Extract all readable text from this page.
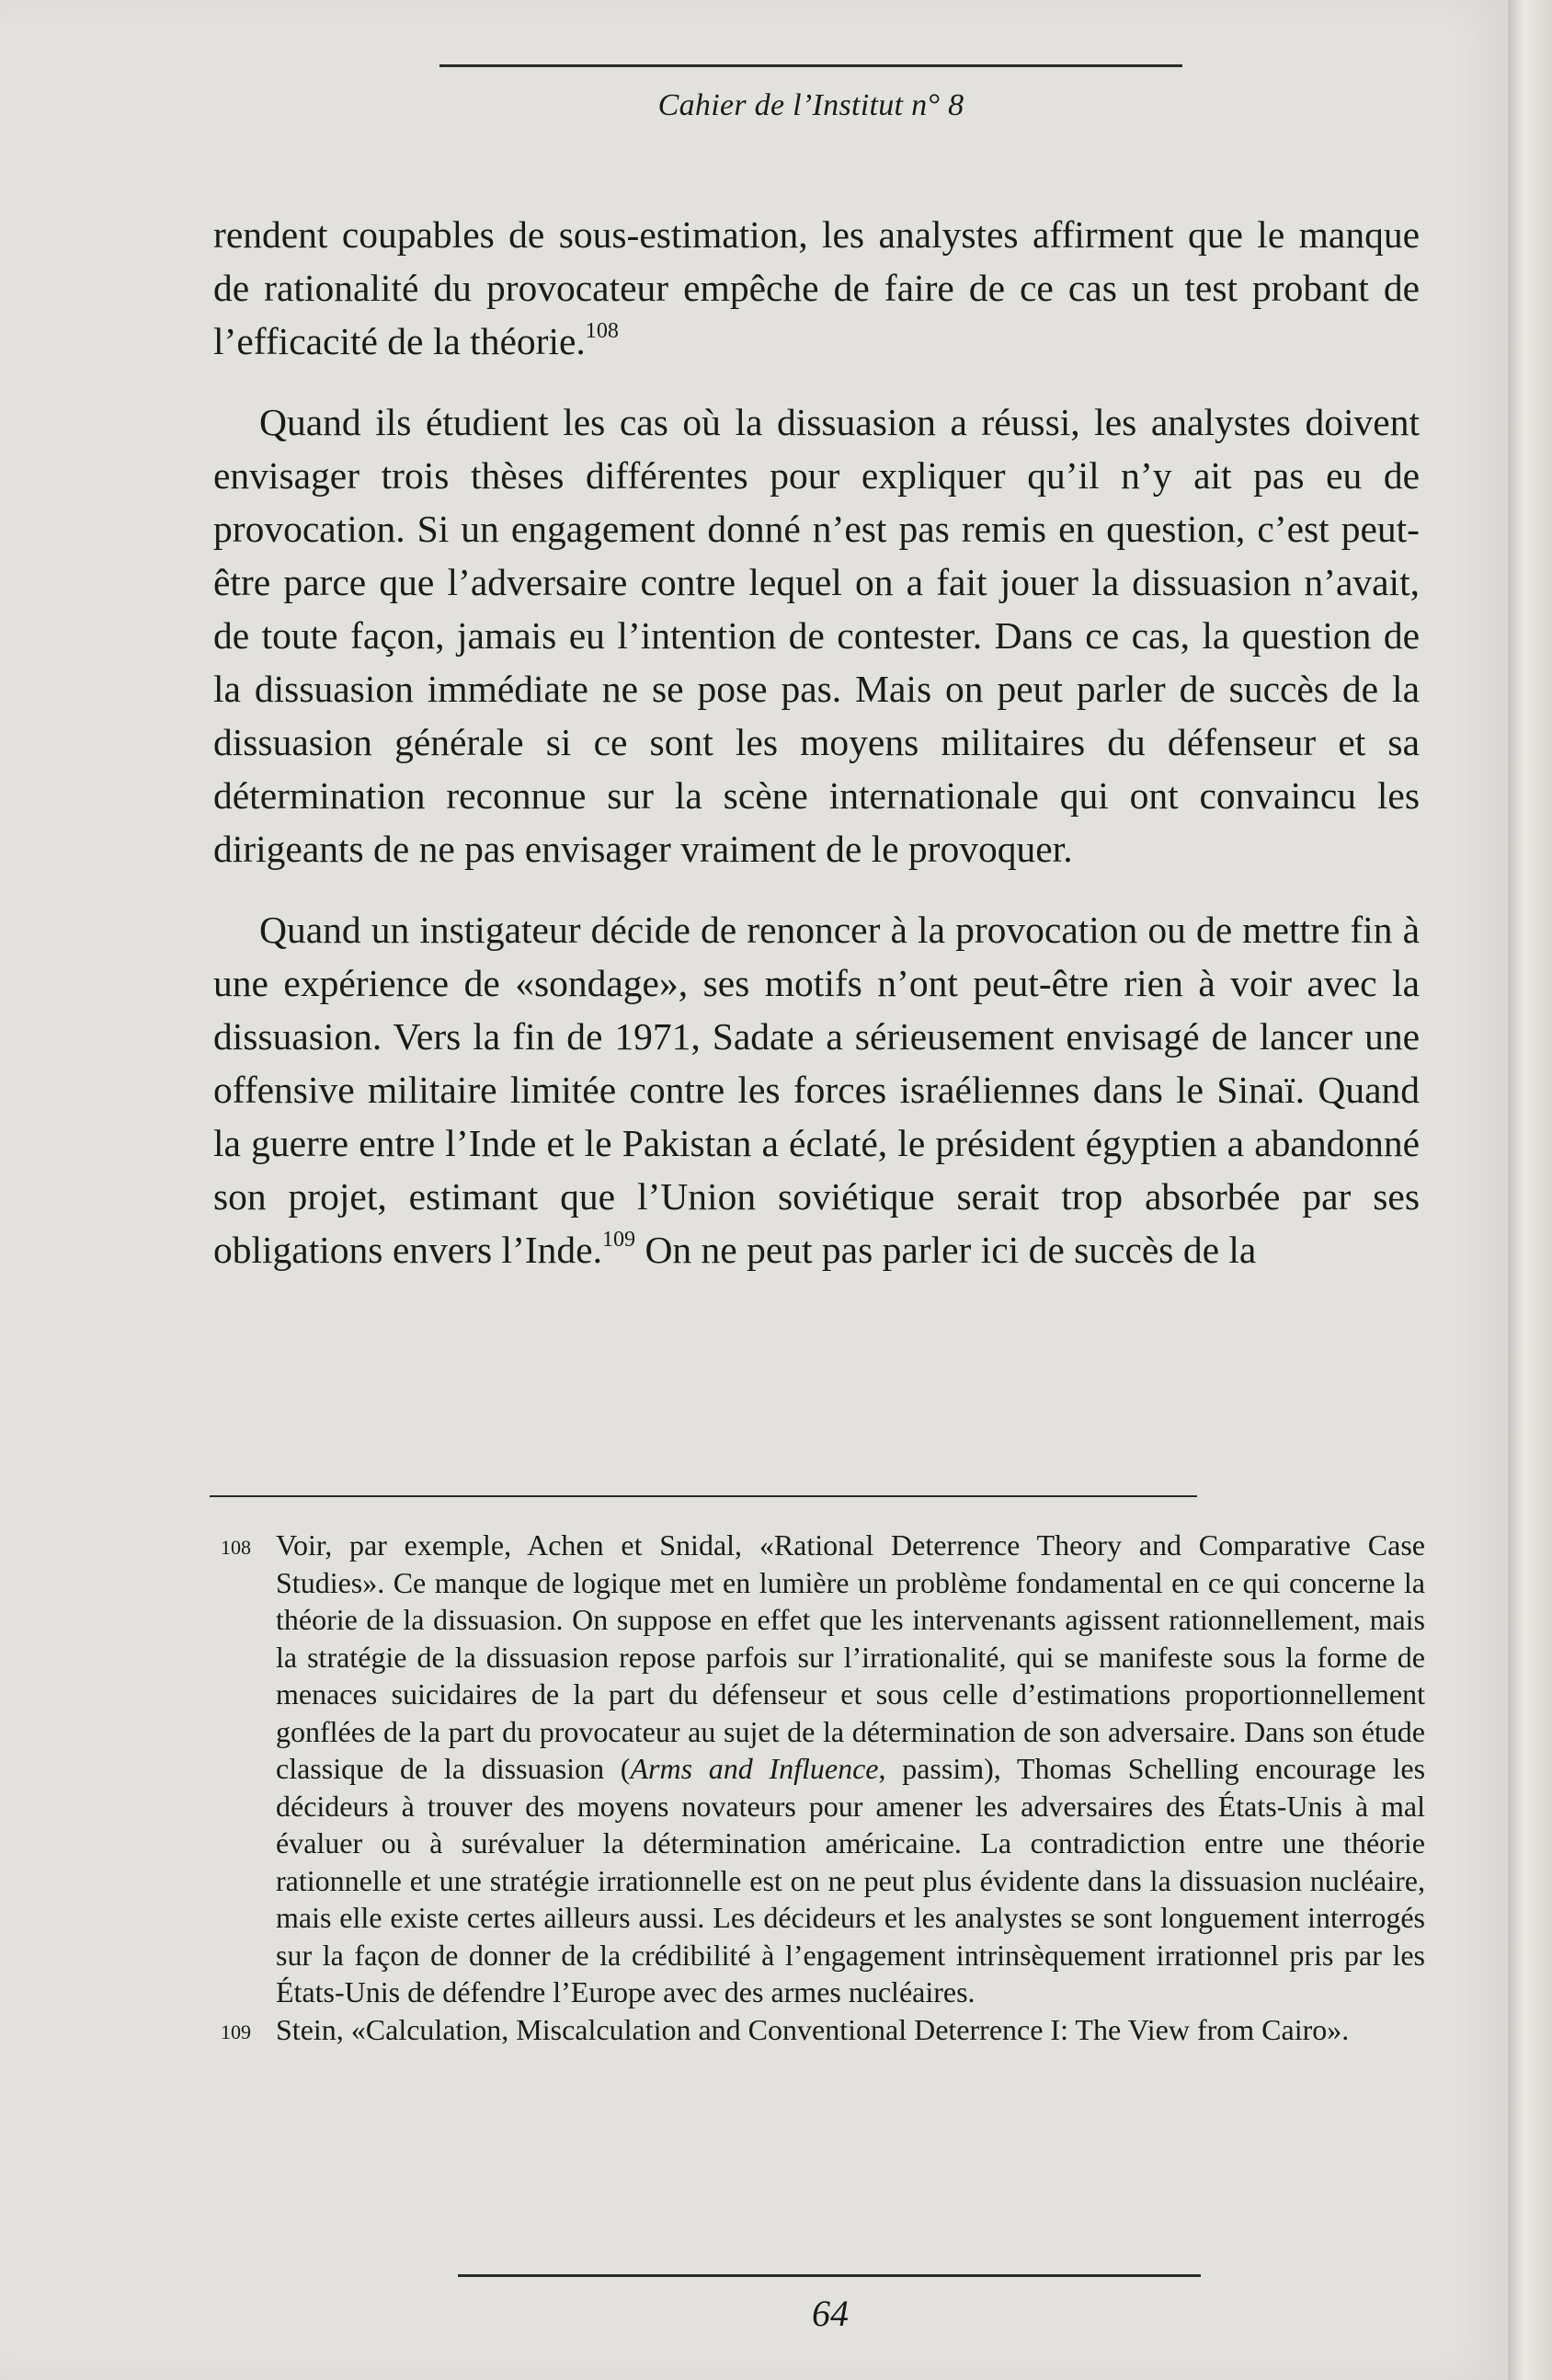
Cahier de l’Institut n° 8

rendent coupables de sous-estimation, les analystes affirment que le manque de rationalité du provocateur empêche de faire de ce cas un test probant de l’efficacité de la théorie.$^{108}$

Quand ils étudient les cas où la dissuasion a réussi, les analystes doivent envisager trois thèses différentes pour expliquer qu’il n’y ait pas eu de provocation. Si un engagement donné n’est pas remis en question, c’est peut-être parce que l’adversaire contre lequel on a fait jouer la dissuasion n’avait, de toute façon, jamais eu l’intention de contester. Dans ce cas, la question de la dissuasion immédiate ne se pose pas. Mais on peut parler de succès de la dissuasion générale si ce sont les moyens militaires du défenseur et sa détermination reconnue sur la scène internationale qui ont convaincu les dirigeants de ne pas envisager vraiment de le provoquer.

Quand un instigateur décide de renoncer à la provocation ou de mettre fin à une expérience de «sondage», ses motifs n’ont peut-être rien à voir avec la dissuasion. Vers la fin de 1971, Sadate a sérieusement envisagé de lancer une offensive militaire limitée contre les forces israéliennes dans le Sinaï. Quand la guerre entre l’Inde et le Pakistan a éclaté, le président égyptien a abandonné son projet, estimant que l’Union soviétique serait trop absorbée par ses obligations envers l’Inde.$^{109}$ On ne peut pas parler ici de succès de la

108 Voir, par exemple, Achen et Snidal, «Rational Deterrence Theory and Comparative Case Studies». Ce manque de logique met en lumière un problème fondamental en ce qui concerne la théorie de la dissuasion. On suppose en effet que les intervenants agissent rationnellement, mais la stratégie de la dissuasion repose parfois sur l’irrationalité, qui se manifeste sous la forme de menaces suicidaires de la part du défenseur et sous celle d’estimations proportionnellement gonflées de la part du provocateur au sujet de la détermination de son adversaire. Dans son étude classique de la dissuasion (Arms and Influence, passim), Thomas Schelling encourage les décideurs à trouver des moyens novateurs pour amener les adversaires des États-Unis à mal évaluer ou à surévaluer la détermination américaine. La contradiction entre une théorie rationnelle et une stratégie irrationnelle est on ne peut plus évidente dans la dissuasion nucléaire, mais elle existe certes ailleurs aussi. Les décideurs et les analystes se sont longuement interrogés sur la façon de donner de la crédibilité à l’engagement intrinsèquement irrationnel pris par les États-Unis de défendre l’Europe avec des armes nucléaires.

109 Stein, «Calculation, Miscalculation and Conventional Deterrence I: The View from Cairo».

64
